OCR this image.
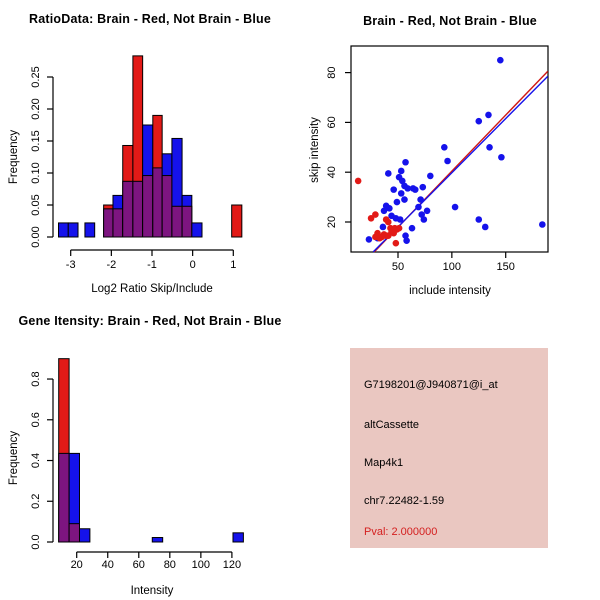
RatioData: Brain - Red, Not Brain - Blue
Frequency
Log2 Ratio Skip/Include
0.00
0.05
0.10
0.15
0.20
0.25
-3	-2	-1	0	1
Brain - Red, Not Brain - Blue
skip intensity
include intensity
50	100	150
20
40
60
80
Gene Itensity: Brain - Red, Not Brain - Blue
Frequency
Intensity
0.0
0.2
0.4
0.6
0.8
20 40 60 80 100 120
G7198201@J940871@i_at
altCassette
Map4k1
chr7.22482-1.59
Pval: 2.000000
